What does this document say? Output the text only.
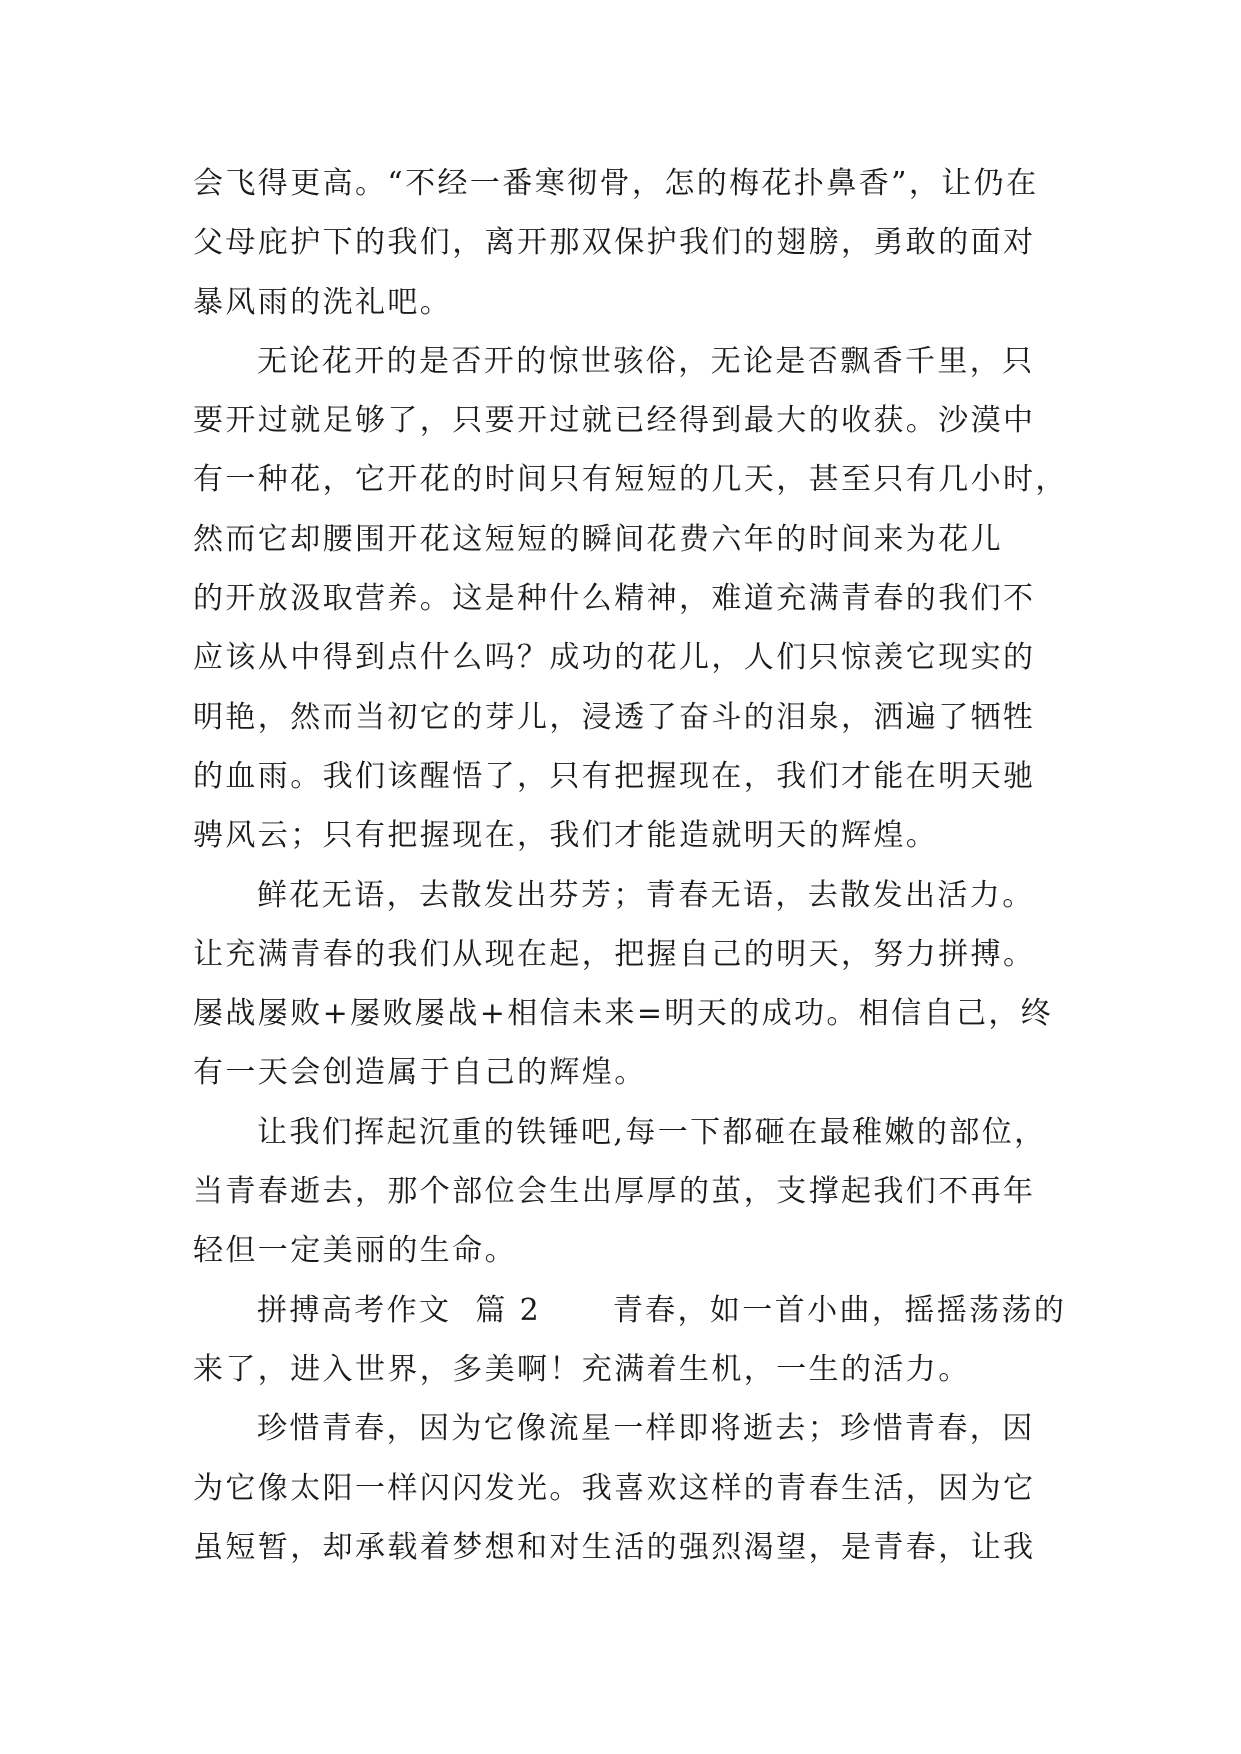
会飞得更高。“不经一番寒彻骨，怎的梅花扑鼻香”，让仍在
父母庇护下的我们，离开那双保护我们的翅膀，勇敢的面对
暴风雨的洗礼吧。
无论花开的是否开的惊世骇俗，无论是否飘香千里，只
要开过就足够了，只要开过就已经得到最大的收获。沙漠中
有一种花，它开花的时间只有短短的几天，甚至只有几小时，
然而它却腰围开花这短短的瞬间花费六年的时间来为花儿
的开放汲取营养。这是种什么精神，难道充满青春的我们不
应该从中得到点什么吗？成功的花儿，人们只惊羡它现实的
明艳，然而当初它的芽儿，浸透了奋斗的泪泉，洒遍了牺牲
的血雨。我们该醒悟了，只有把握现在，我们才能在明天驰
骋风云；只有把握现在，我们才能造就明天的辉煌。
鲜花无语，去散发出芬芳；青春无语，去散发出活力。
让充满青春的我们从现在起，把握自己的明天，努力拼搏。
屡战屡败+屡败屡战+相信未来=明天的成功。相信自己，终
有一天会创造属于自己的辉煌。
让我们挥起沉重的铁锤吧,每一下都砸在最稚嫩的部位，
当青春逝去，那个部位会生出厚厚的茧，支撑起我们不再年
轻但一定美丽的生命。
拼搏高考作文  篇 2      青春，如一首小曲，摇摇荡荡的
来了，进入世界，多美啊！充满着生机，一生的活力。
珍惜青春，因为它像流星一样即将逝去；珍惜青春，因
为它像太阳一样闪闪发光。我喜欢这样的青春生活，因为它
虽短暂，却承载着梦想和对生活的强烈渴望，是青春，让我
